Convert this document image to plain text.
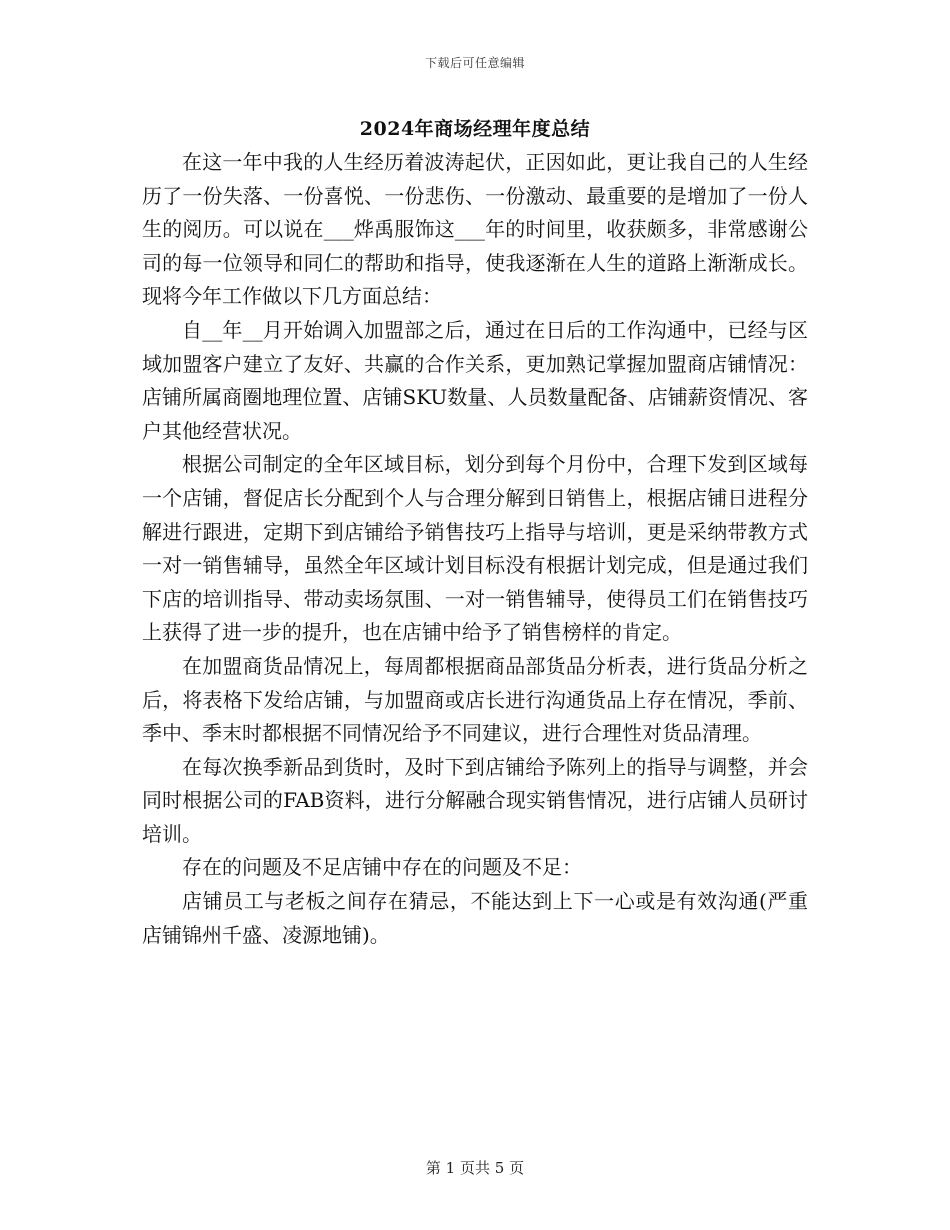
下载后可任意编辑
2024年商场经理年度总结

在这一年中我的人生经历着波涛起伏，正因如此，更让我自己的人生经历了一份失落、一份喜悦、一份悲伤、一份激动、最重要的是增加了一份人生的阅历。可以说在___烨禹服饰这___年的时间里，收获颇多，非常感谢公司的每一位领导和同仁的帮助和指导，使我逐渐在人生的道路上渐渐成长。现将今年工作做以下几方面总结：

自__年__月开始调入加盟部之后，通过在日后的工作沟通中，已经与区域加盟客户建立了友好、共赢的合作关系，更加熟记掌握加盟商店铺情况：店铺所属商圈地理位置、店铺SKU数量、人员数量配备、店铺薪资情况、客户其他经营状况。

根据公司制定的全年区域目标，划分到每个月份中，合理下发到区域每一个店铺，督促店长分配到个人与合理分解到日销售上，根据店铺日进程分解进行跟进，定期下到店铺给予销售技巧上指导与培训，更是采纳带教方式一对一销售辅导，虽然全年区域计划目标没有根据计划完成，但是通过我们下店的培训指导、带动卖场氛围、一对一销售辅导，使得员工们在销售技巧上获得了进一步的提升，也在店铺中给予了销售榜样的肯定。

在加盟商货品情况上，每周都根据商品部货品分析表，进行货品分析之后，将表格下发给店铺，与加盟商或店长进行沟通货品上存在情况，季前、季中、季末时都根据不同情况给予不同建议，进行合理性对货品清理。

在每次换季新品到货时，及时下到店铺给予陈列上的指导与调整，并会同时根据公司的FAB资料，进行分解融合现实销售情况，进行店铺人员研讨培训。

存在的问题及不足店铺中存在的问题及不足：

店铺员工与老板之间存在猜忌，不能达到上下一心或是有效沟通(严重店铺锦州千盛、凌源地铺)。

第 1 页共 5 页
